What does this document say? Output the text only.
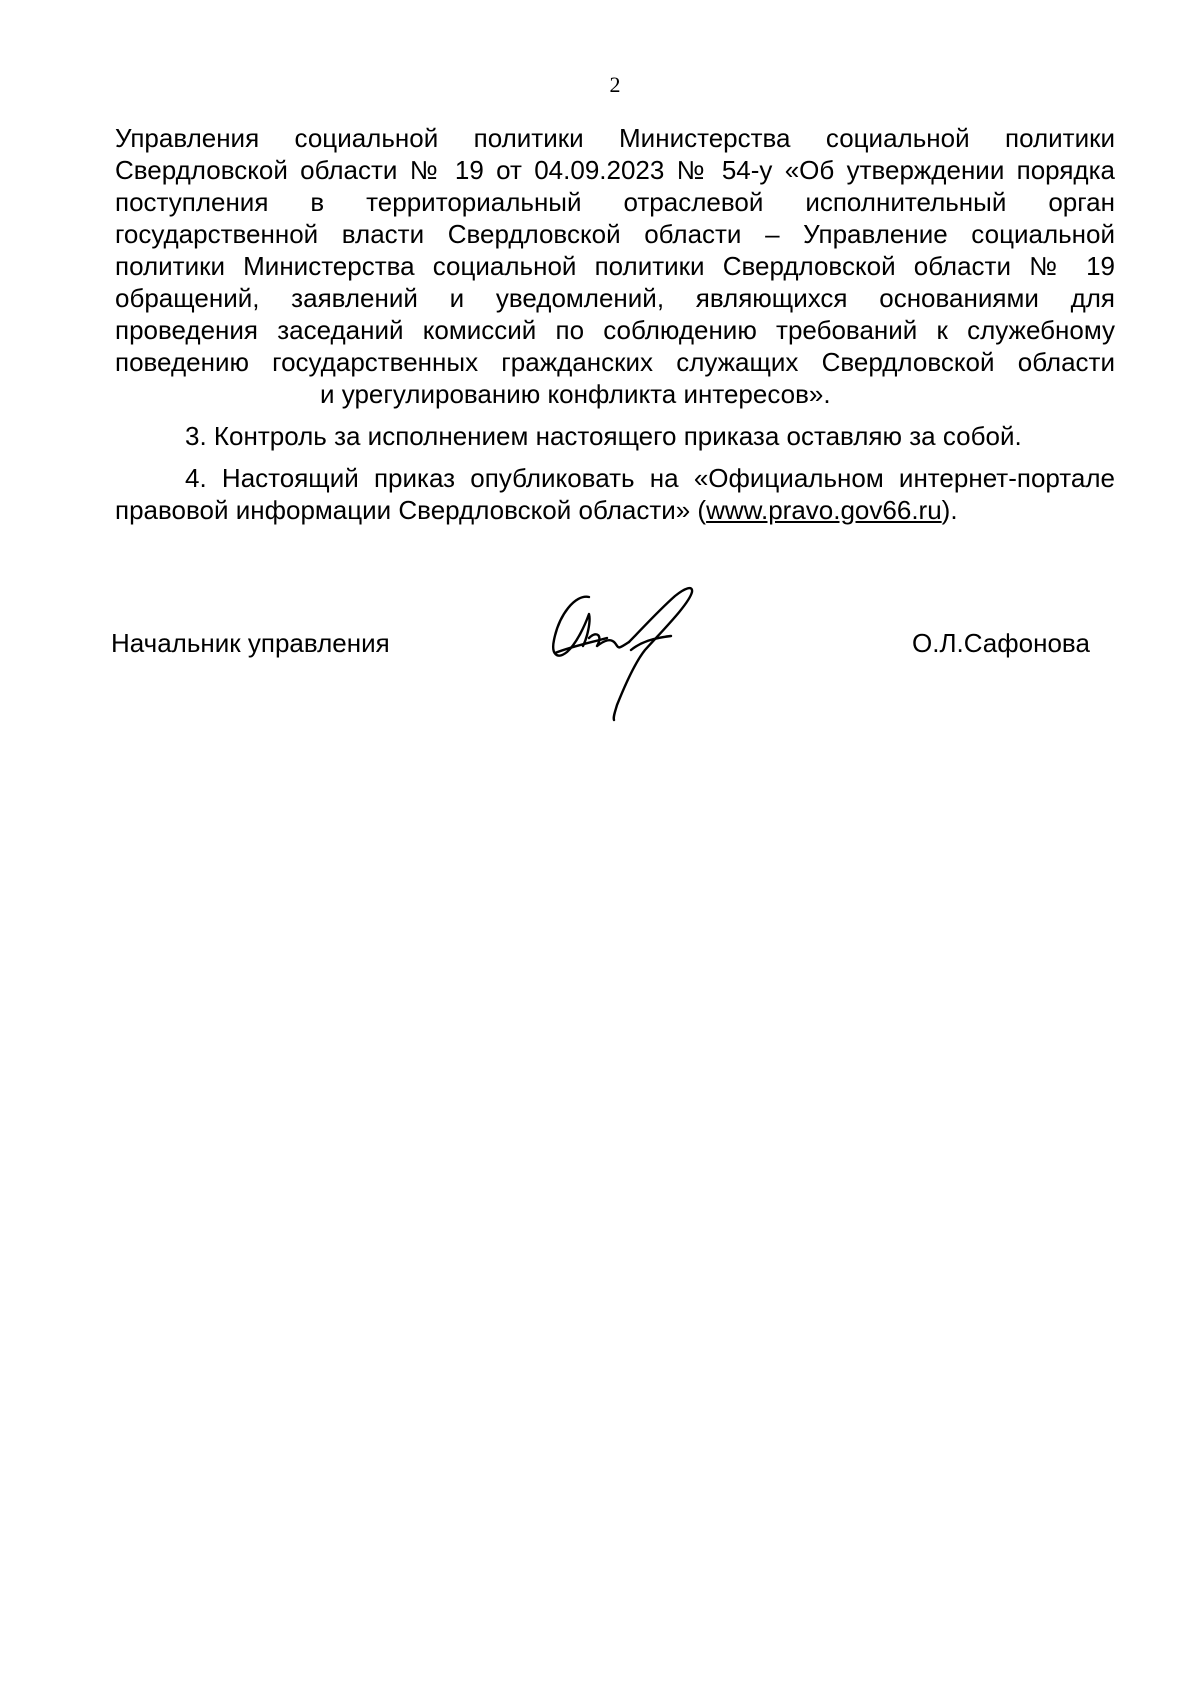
2

Управления социальной политики Министерства социальной политики Свердловской области № 19 от 04.09.2023 № 54-у «Об утверждении порядка поступления в территориальный отраслевой исполнительный орган государственной власти Свердловской области – Управление социальной политики Министерства социальной политики Свердловской области № 19 обращений, заявлений и уведомлений, являющихся основаниями для проведения заседаний комиссий по соблюдению требований к служебному поведению государственных гражданских служащих Свердловской областии урегулированию конфликта интересов».

3. Контроль за исполнением настоящего приказа оставляю за собой.

4. Настоящий приказ опубликовать на «Официальном интернет-портале правовой информации Свердловской области» (www.pravo.gov66.ru).

Начальник управления	О.Л.Сафонова
